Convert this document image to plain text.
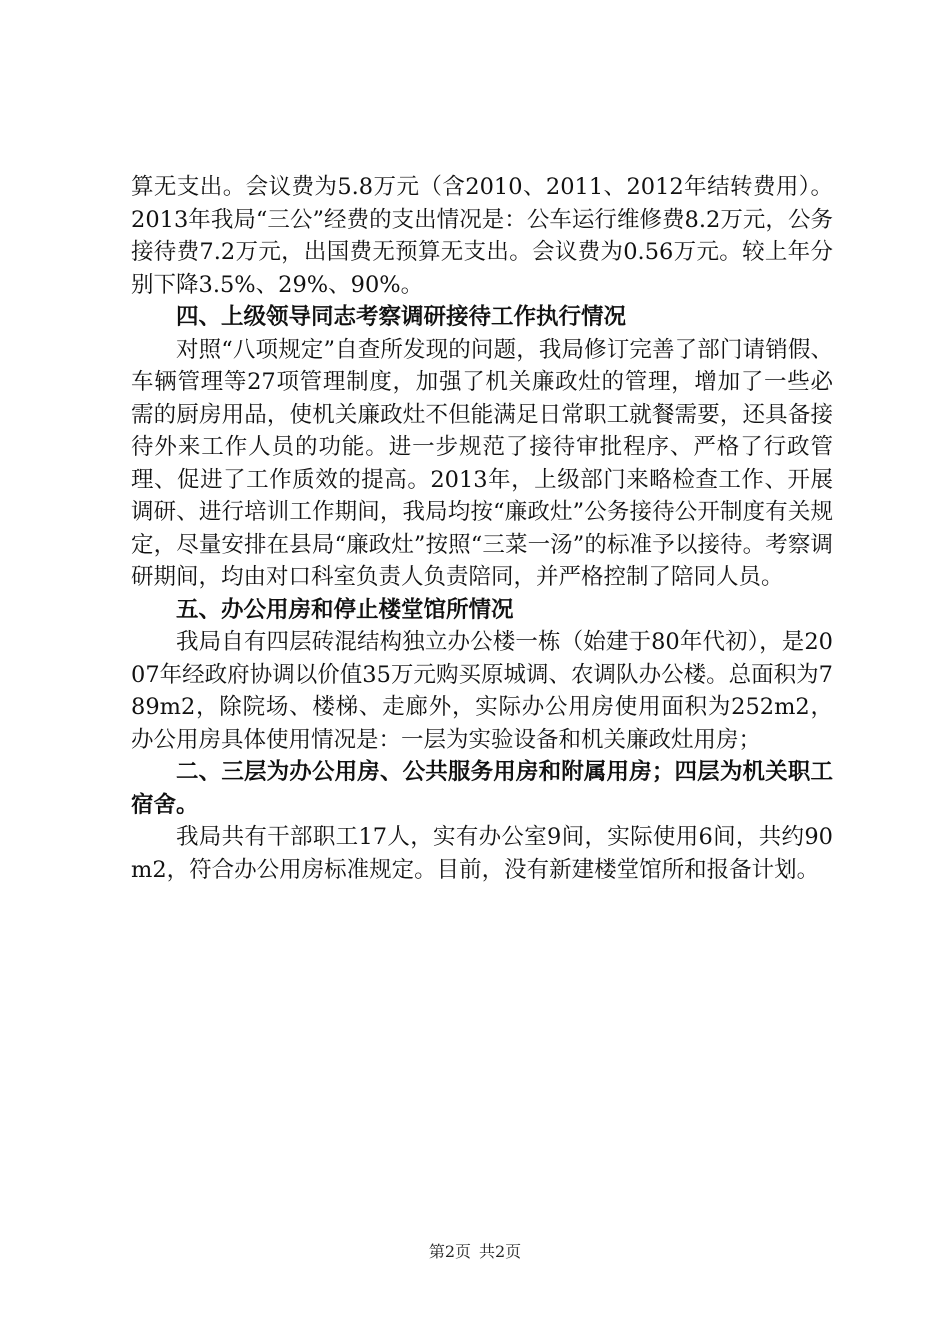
算无支出。会议费为5.8万元（含2010、2011、2012年结转费用）。2013年我局“三公”经费的支出情况是：公车运行维修费8.2万元，公务接待费7.2万元，出国费无预算无支出。会议费为0.56万元。较上年分别下降3.5%、29%、90%。

四、上级领导同志考察调研接待工作执行情况

对照“八项规定”自查所发现的问题，我局修订完善了部门请销假、车辆管理等27项管理制度，加强了机关廉政灶的管理，增加了一些必需的厨房用品，使机关廉政灶不但能满足日常职工就餐需要，还具备接待外来工作人员的功能。进一步规范了接待审批程序、严格了行政管理、促进了工作质效的提高。2013年，上级部门来略检查工作、开展调研、进行培训工作期间，我局均按“廉政灶”公务接待公开制度有关规定，尽量安排在县局“廉政灶”按照“三菜一汤”的标准予以接待。考察调研期间，均由对口科室负责人负责陪同，并严格控制了陪同人员。

五、办公用房和停止楼堂馆所情况

我局自有四层砖混结构独立办公楼一栋（始建于80年代初），是2007年经政府协调以价值35万元购买原城调、农调队办公楼。总面积为789m2，除院场、楼梯、走廊外，实际办公用房使用面积为252m2，办公用房具体使用情况是：一层为实验设备和机关廉政灶用房；

二、三层为办公用房、公共服务用房和附属用房；四层为机关职工宿舍。

我局共有干部职工17人，实有办公室9间，实际使用6间，共约90m2，符合办公用房标准规定。目前，没有新建楼堂馆所和报备计划。

第2页 共2页
